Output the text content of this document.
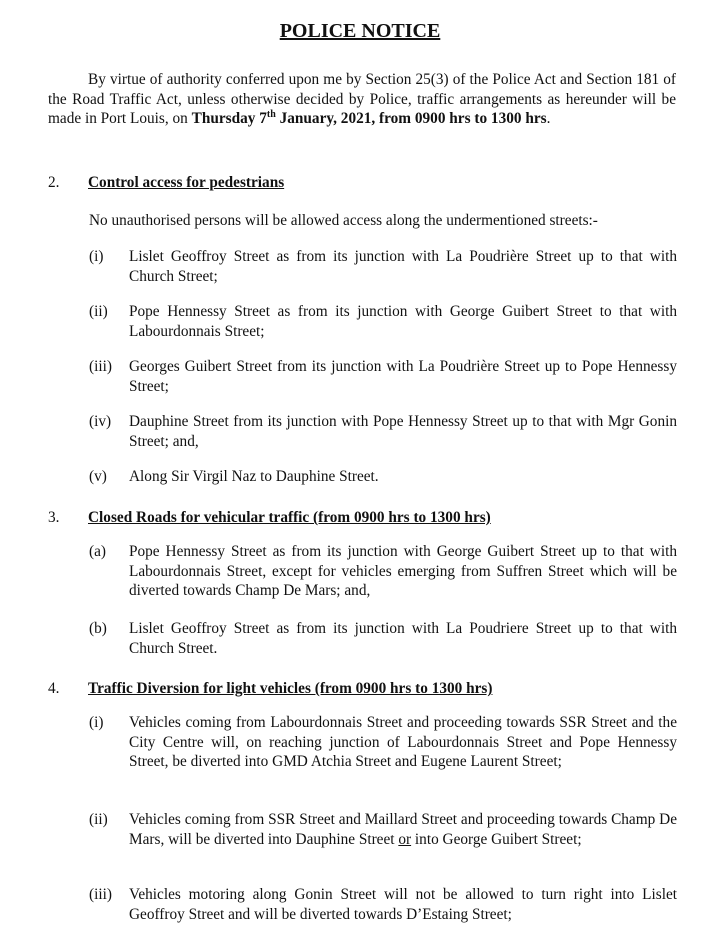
POLICE NOTICE
By virtue of authority conferred upon me by Section 25(3) of the Police Act and Section 181 of the Road Traffic Act, unless otherwise decided by Police, traffic arrangements as hereunder will be made in Port Louis, on Thursday 7th January, 2021, from 0900 hrs to 1300 hrs.
2. Control access for pedestrians
No unauthorised persons will be allowed access along the undermentioned streets:-
(i) Lislet Geoffroy Street as from its junction with La Poudrière Street up to that with Church Street;
(ii) Pope Hennessy Street as from its junction with George Guibert Street to that with Labourdonnais Street;
(iii) Georges Guibert Street from its junction with La Poudrière Street up to Pope Hennessy Street;
(iv) Dauphine Street from its junction with Pope Hennessy Street up to that with Mgr Gonin Street; and,
(v) Along Sir Virgil Naz to Dauphine Street.
3. Closed Roads for vehicular traffic (from 0900 hrs to 1300 hrs)
(a) Pope Hennessy Street as from its junction with George Guibert Street up to that with Labourdonnais Street, except for vehicles emerging from Suffren Street which will be diverted towards Champ De Mars; and,
(b) Lislet Geoffroy Street as from its junction with La Poudriere Street up to that with Church Street.
4. Traffic Diversion for light vehicles (from 0900 hrs to 1300 hrs)
(i) Vehicles coming from Labourdonnais Street and proceeding towards SSR Street and the City Centre will, on reaching junction of Labourdonnais Street and Pope Hennessy Street, be diverted into GMD Atchia Street and Eugene Laurent Street;
(ii) Vehicles coming from SSR Street and Maillard Street and proceeding towards Champ De Mars, will be diverted into Dauphine Street or into George Guibert Street;
(iii) Vehicles motoring along Gonin Street will not be allowed to turn right into Lislet Geoffroy Street and will be diverted towards D’Estaing Street;
